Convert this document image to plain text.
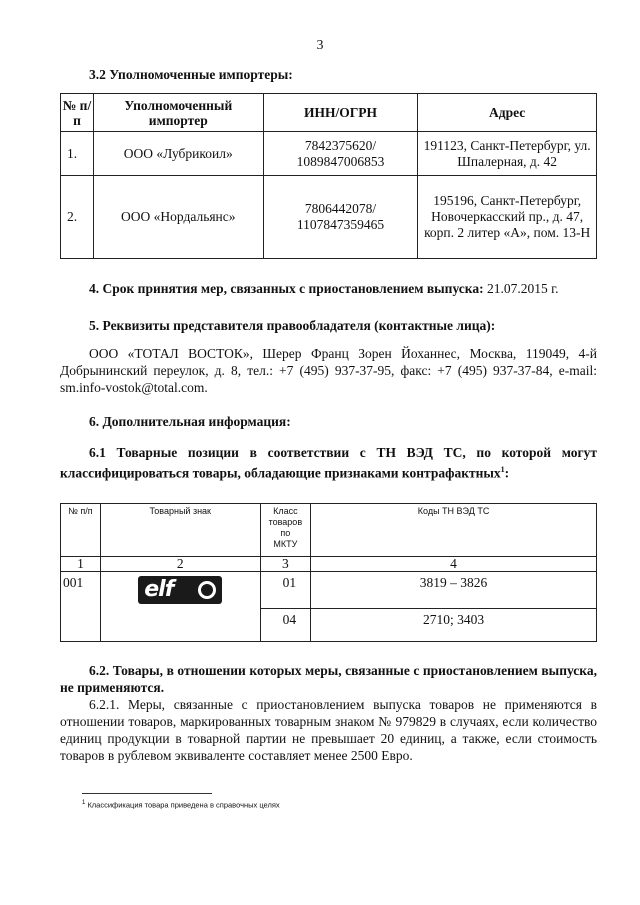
3
3.2 Уполномоченные импортеры:
№ п/п	Уполномоченный импортер	ИНН/ОГРН	Адрес
1.	ООО «Лубрикоил»	7842375620/ 1089847006853	191123, Санкт-Петербург, ул. Шпалерная, д. 42
2.	ООО «Нордальянс»	7806442078/ 1107847359465	195196, Санкт-Петербург, Новочеркасский пр., д. 47, корп. 2 литер «А», пом. 13-Н
4. Срок принятия мер, связанных с приостановлением выпуска: 21.07.2015 г.
5. Реквизиты представителя правообладателя (контактные лица):
ООО «ТОТАЛ ВОСТОК», Шерер Франц Зорен Йоханнес, Москва, 119049, 4-й Добрынинский переулок, д. 8, тел.: +7 (495) 937-37-95, факс: +7 (495) 937-37-84, e-mail: sm.info-vostok@total.com.
6. Дополнительная информация:
6.1 Товарные позиции в соответствии с ТН ВЭД ТС, по которой могут классифицироваться товары, обладающие признаками контрафактных$^1$:
№ п/п	Товарный знак	Класс товаров по МКТУ	Коды ТН ВЭД ТС
1	2	3	4
001	elf	01	3819 – 3826
		04	2710; 3403
6.2. Товары, в отношении которых меры, связанные с приостановлением выпуска, не применяются.
6.2.1. Меры, связанные с приостановлением выпуска товаров не применяются в отношении товаров, маркированных товарным знаком № 979829 в случаях, если количество единиц продукции в товарной партии не превышает 20 единиц, а также, если стоимость товаров в рублевом эквиваленте составляет менее 2500 Евро.
$^1$ Классификация товара приведена в справочных целях
